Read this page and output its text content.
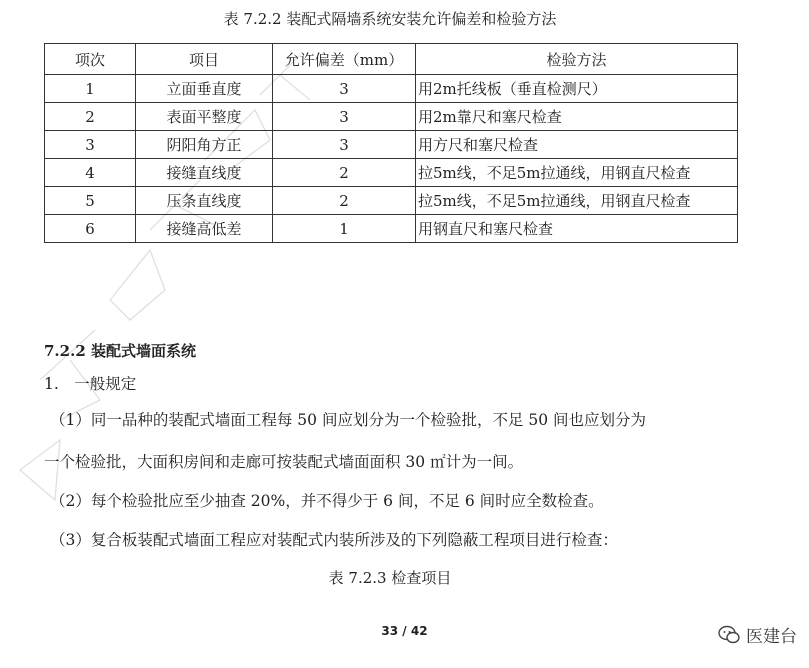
表 7.2.2 装配式隔墙系统安装允许偏差和检验方法
项次	项目	允许偏差（mm）	检验方法
1	立面垂直度	3	用2m托线板（垂直检测尺）
2	表面平整度	3	用2m靠尺和塞尺检查
3	阴阳角方正	3	用方尺和塞尺检查
4	接缝直线度	2	拉5m线，不足5m拉通线，用钢直尺检查
5	压条直线度	2	拉5m线，不足5m拉通线，用钢直尺检查
6	接缝高低差	1	用钢直尺和塞尺检查
7.2.2 装配式墙面系统
1.　一般规定
（1）同一品种的装配式墙面工程每 50 间应划分为一个检验批，不足 50 间也应划分为
一个检验批，大面积房间和走廊可按装配式墙面面积 30 ㎡计为一间。
（2）每个检验批应至少抽查 20%，并不得少于 6 间，不足 6 间时应全数检查。
（3）复合板装配式墙面工程应对装配式内装所涉及的下列隐蔽工程项目进行检查：
表 7.2.3 检查项目
33 / 42	医建台
